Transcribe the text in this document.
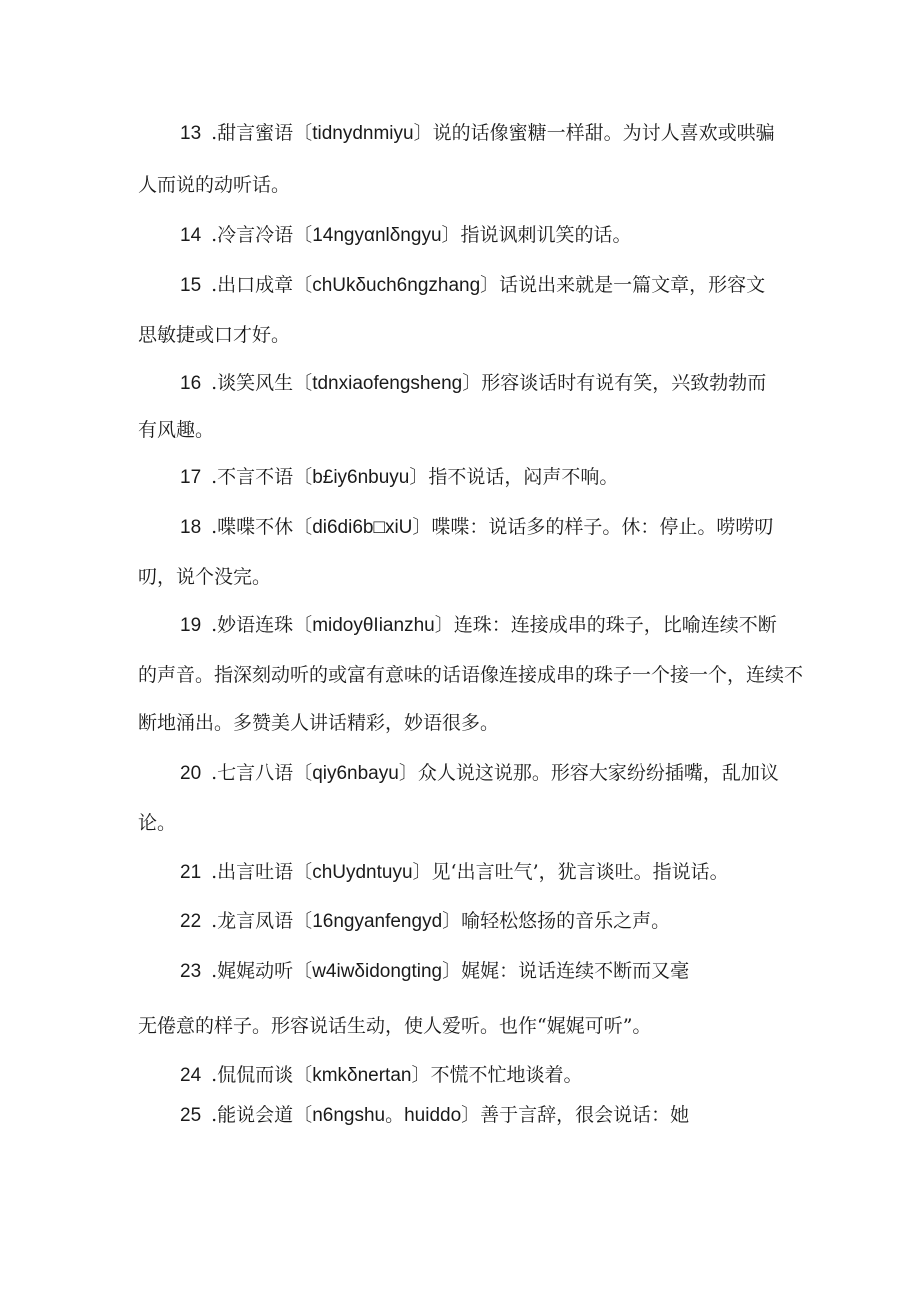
13 .甜言蜜语〔tidnydnmiyu〕说的话像蜜糖一样甜。为讨人喜欢或哄骗
人而说的动听话。
14 .冷言冷语〔14ngyαnlδngyu〕指说讽刺讥笑的话。
15 .出口成章〔chUkδuch6ngzhang〕话说出来就是一篇文章，形容文
思敏捷或口才好。
16 .谈笑风生〔tdnxiaofengsheng〕形容谈话时有说有笑，兴致勃勃而
有风趣。
17 .不言不语〔b£iy6nbuyu〕指不说话，闷声不响。
18 .喋喋不休〔di6di6b□xiU〕喋喋：说话多的样子。休：停止。唠唠叨
叨，说个没完。
19 .妙语连珠〔midoyθIianzhu〕连珠：连接成串的珠子，比喻连续不断
的声音。指深刻动听的或富有意味的话语像连接成串的珠子一个接一个，连续不
断地涌出。多赞美人讲话精彩，妙语很多。
20 .七言八语〔qiy6nbayu〕众人说这说那。形容大家纷纷插嘴，乱加议
论。
21 .出言吐语〔chUydntuyu〕见‘出言吐气’，犹言谈吐。指说话。
22 .龙言凤语〔16ngyanfengyd〕喻轻松悠扬的音乐之声。
23 .娓娓动听〔w4iwδidongting〕娓娓：说话连续不断而又毫
无倦意的样子。形容说话生动，使人爱听。也作“娓娓可听”。
24 .侃侃而谈〔kmkδnertan〕不慌不忙地谈着。
25 .能说会道〔n6ngshu。huiddo〕善于言辞，很会说话：她
